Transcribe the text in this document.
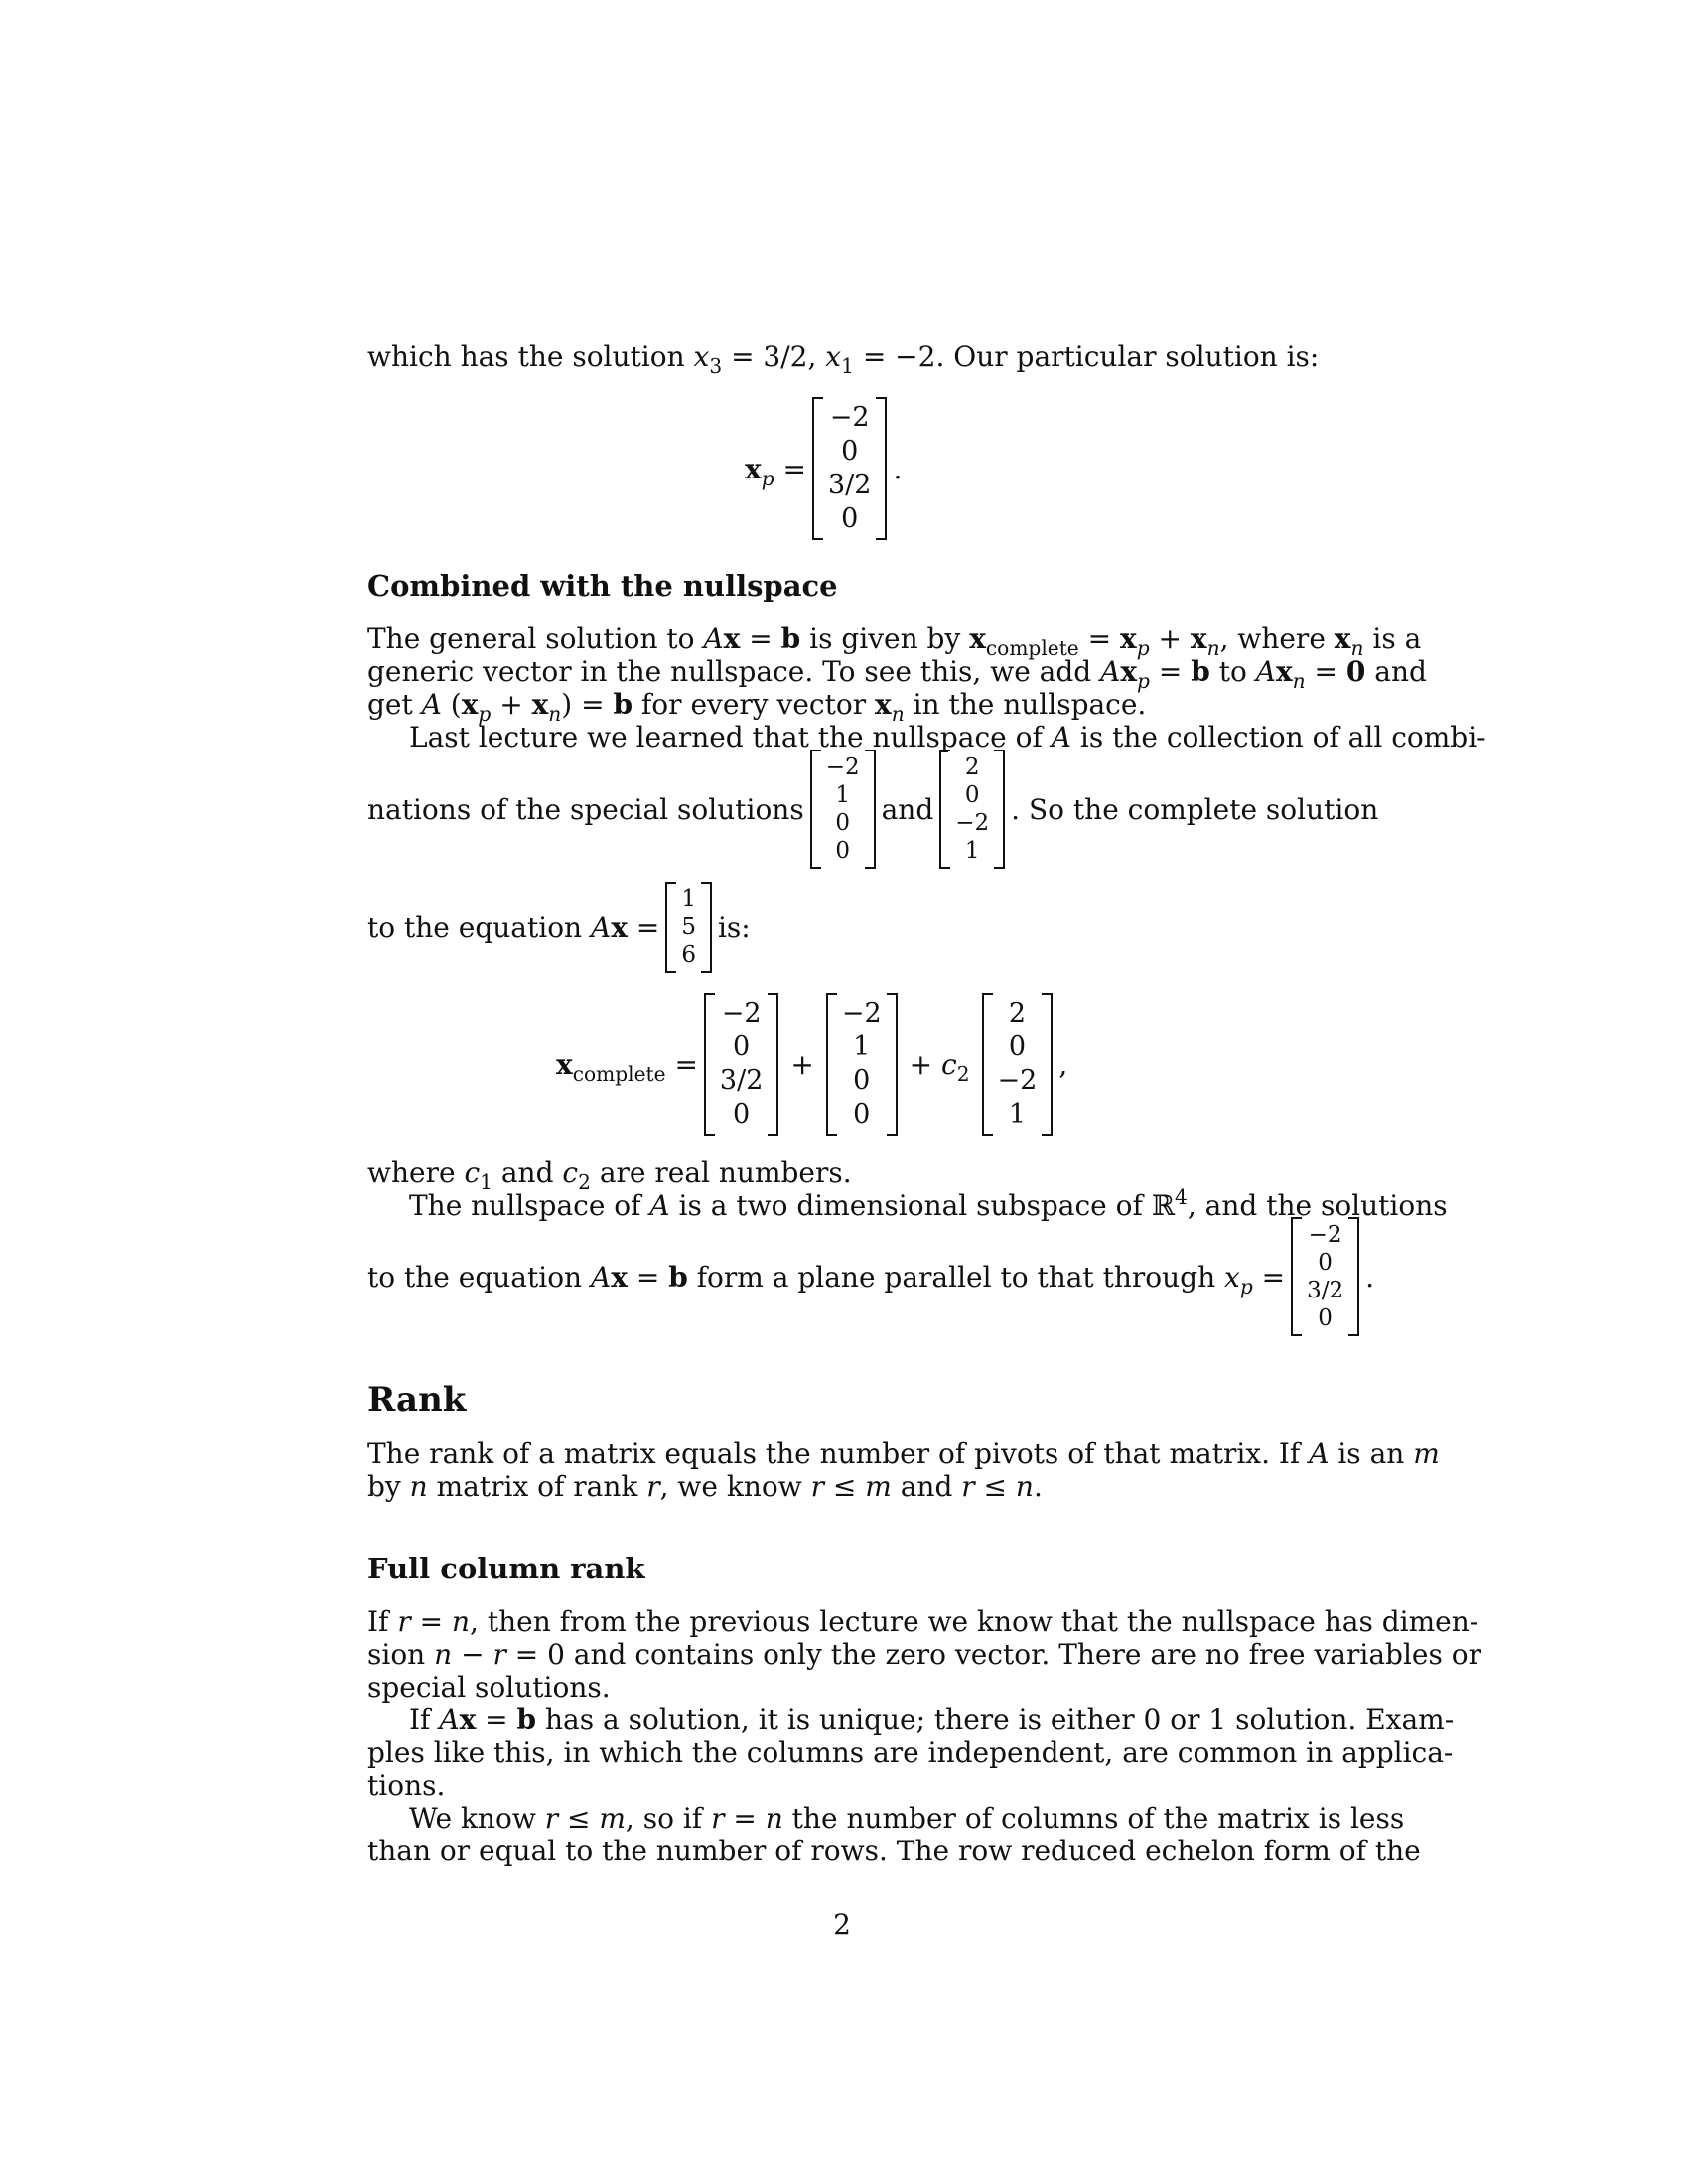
which has the solution $x_3 = 3/2$, $x_1 = -2$. Our particular solution is:
$x_p$ =
−2
0
3/2
0
.
Combined with the nullspace
The general solution to Ax = b is given by $x_{complete} = x_p + x_n$, where $x_n$ is a
generic vector in the nullspace. To see this, we add $Ax_p = b$ to $Ax_n = 0$ and
get A $(x_p + x_n) = b$ for every vector $x_n$ in the nullspace.
Last lecture we learned that the nullspace of A is the collection of all combi-
nations of the special solutions
−2
1
0
0
and
2
0
−2
1
. So the complete solution
to the equation Ax =
1
5
6
is:
$x_{complete}$ =
−2
0
3/2
0
+
−2
1
0
0
+ $c_2$
2
0
−2
1
,
where $c_1$ and $c_2$ are real numbers.
The nullspace of A is a two dimensional subspace of ℝ$^4$, and the solutions
to the equation Ax = b form a plane parallel to that through $x_p$ =
−2
0
3/2
0
.
Rank
The rank of a matrix equals the number of pivots of that matrix. If A is an m
by n matrix of rank r, we know r ≤ m and r ≤ n.
Full column rank
If r = n, then from the previous lecture we know that the nullspace has dimen-
sion n − r = 0 and contains only the zero vector. There are no free variables or
special solutions.
If Ax = b has a solution, it is unique; there is either 0 or 1 solution. Exam-
ples like this, in which the columns are independent, are common in applica-
tions.
We know r ≤ m, so if r = n the number of columns of the matrix is less
than or equal to the number of rows. The row reduced echelon form of the
2
